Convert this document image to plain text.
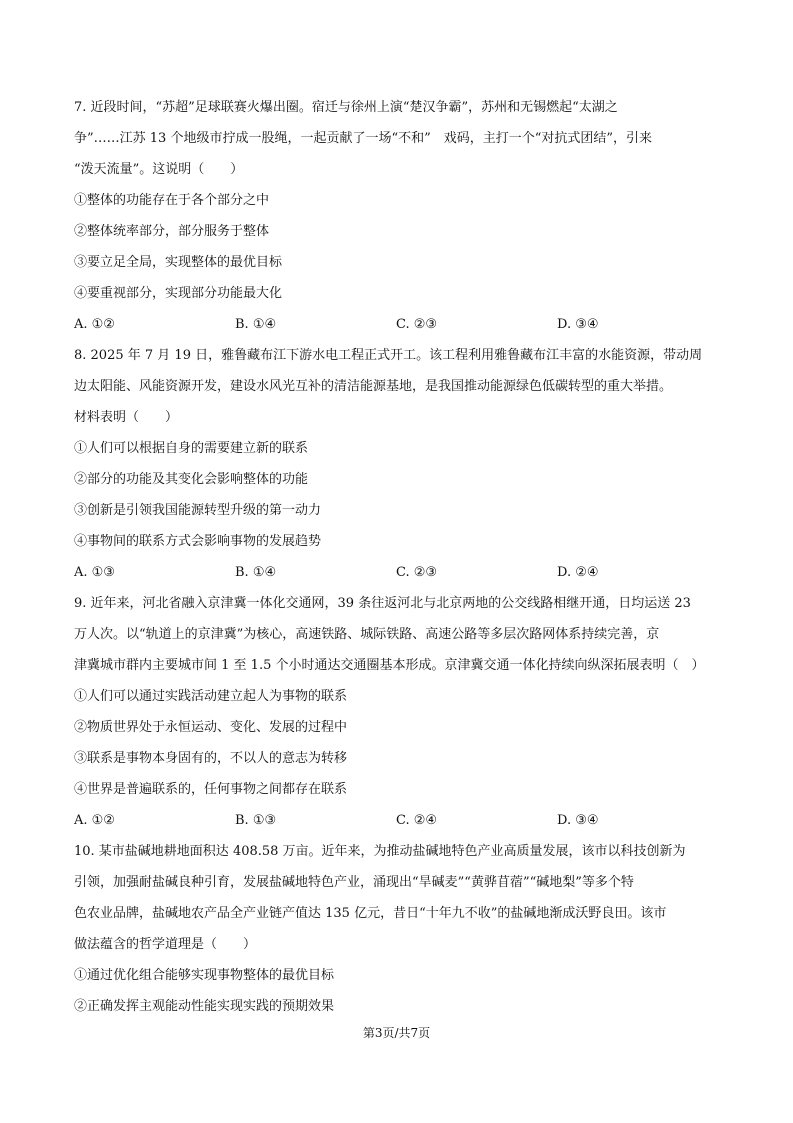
7. 近段时间，“苏超”足球联赛火爆出圈。宿迁与徐州上演“楚汉争霸”，苏州和无锡燃起“太湖之
争”……江苏 13 个地级市拧成一股绳，一起贡献了一场“不和”　戏码，主打一个“对抗式团结”，引来
“泼天流量”。这说明（　　）
①整体的功能存在于各个部分之中
②整体统率部分，部分服务于整体
③要立足全局，实现整体的最优目标
④要重视部分，实现部分功能最大化
A. ①②	B. ①④	C. ②③	D. ③④
8. 2025 年 7 月 19 日，雅鲁藏布江下游水电工程正式开工。该工程利用雅鲁藏布江丰富的水能资源，带动周
边太阳能、风能资源开发，建设水风光互补的清洁能源基地，是我国推动能源绿色低碳转型的重大举措。
材料表明（　　）
①人们可以根据自身的需要建立新的联系
②部分的功能及其变化会影响整体的功能
③创新是引领我国能源转型升级的第一动力
④事物间的联系方式会影响事物的发展趋势
A. ①③	B. ①④	C. ②③	D. ②④
9. 近年来，河北省融入京津冀一体化交通网，39 条往返河北与北京两地的公交线路相继开通，日均运送 23
万人次。以“轨道上的京津冀”为核心，高速铁路、城际铁路、高速公路等多层次路网体系持续完善，京
津冀城市群内主要城市间 1 至 1.5 个小时通达交通圈基本形成。京津冀交通一体化持续向纵深拓展表明（　）
①人们可以通过实践活动建立起人为事物的联系
②物质世界处于永恒运动、变化、发展的过程中
③联系是事物本身固有的，不以人的意志为转移
④世界是普遍联系的，任何事物之间都存在联系
A. ①②	B. ①③	C. ②④	D. ③④
10. 某市盐碱地耕地面积达 408.58 万亩。近年来，为推动盐碱地特色产业高质量发展，该市以科技创新为
引领，加强耐盐碱良种引育，发展盐碱地特色产业，涌现出“旱碱麦”“黄骅苜蓿”“碱地梨”等多个特
色农业品牌，盐碱地农产品全产业链产值达 135 亿元，昔日“十年九不收”的盐碱地渐成沃野良田。该市
做法蕴含的哲学道理是（　　）
①通过优化组合能够实现事物整体的最优目标
②正确发挥主观能动性能实现实践的预期效果
第3页/共7页
